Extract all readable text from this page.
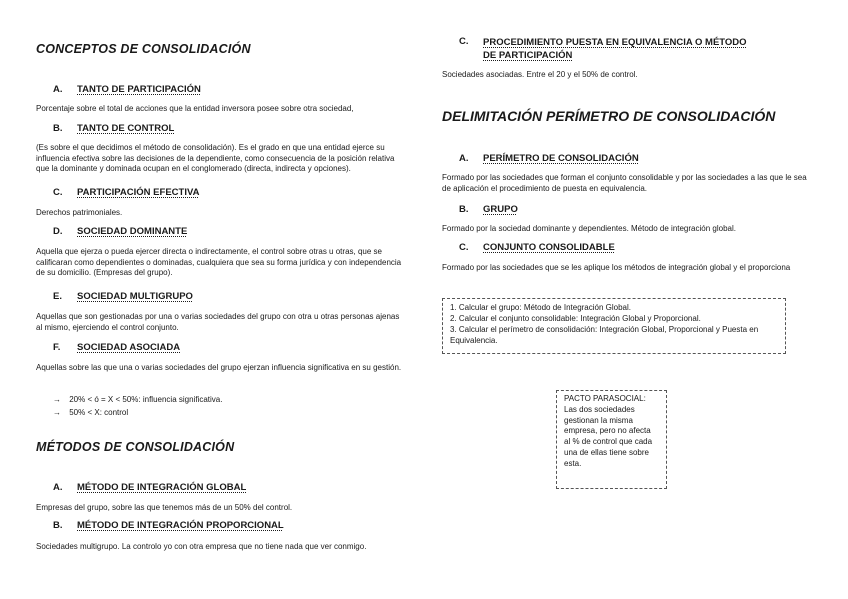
CONCEPTOS DE CONSOLIDACIÓN
A. TANTO DE PARTICIPACIÓN

Porcentaje sobre el total de acciones que la entidad inversora posee sobre otra sociedad,

B. TANTO DE CONTROL

(Es sobre el que decidimos el método de consolidación). Es el grado en que una entidad ejerce su influencia efectiva sobre las decisiones de la dependiente, como consecuencia de la posición relativa que la dominante y dominada ocupan en el conglomerado (directa, indirecta y opciones).

C. PARTICIPACIÓN EFECTIVA

Derechos patrimoniales.

D. SOCIEDAD DOMINANTE

Aquella que ejerza o pueda ejercer directa o indirectamente, el control sobre otras u otras, que se calificaran como dependientes o dominadas, cualquiera que sea su forma jurídica y con independencia de su domicilio. (Empresas del grupo).

E. SOCIEDAD MULTIGRUPO

Aquellas que son gestionadas por una o varias sociedades del grupo con otra u otras personas ajenas al mismo, ejerciendo el control conjunto.

F. SOCIEDAD ASOCIADA

Aquellas sobre las que una o varias sociedades del grupo ejerzan influencia significativa en su gestión.

→ 20% < ó = X < 50%: influencia significativa.
→ 50% < X: control
MÉTODOS DE CONSOLIDACIÓN
A. MÉTODO DE INTEGRACIÓN GLOBAL

Empresas del grupo, sobre las que tenemos más de un 50% del control.

B. MÉTODO DE INTEGRACIÓN PROPORCIONAL

Sociedades multigrupo. La controlo yo con otra empresa que no tiene nada que ver conmigo.

C. PROCEDIMIENTO PUESTA EN EQUIVALENCIA O MÉTODO DE PARTICIPACIÓN

Sociedades asociadas. Entre el 20 y el 50% de control.

DELIMITACIÓN PERÍMETRO DE CONSOLIDACIÓN
A. PERÍMETRO DE CONSOLIDACIÓN

Formado por las sociedades que forman el conjunto consolidable y por las sociedades a las que le sea de aplicación el procedimiento de puesta en equivalencia.

B. GRUPO

Formado por la sociedad dominante y dependientes. Método de integración global.

C. CONJUNTO CONSOLIDABLE

Formado por las sociedades que se les aplique los métodos de integración global y el proporciona

1. Calcular el grupo: Método de Integración Global.
2. Calcular el conjunto consolidable: Integración Global y Proporcional.
3. Calcular el perímetro de consolidación: Integración Global, Proporcional y Puesta en Equivalencia.
PACTO PARASOCIAL: Las dos sociedades gestionan la misma empresa, pero no afecta al % de control que cada una de ellas tiene sobre esta.
